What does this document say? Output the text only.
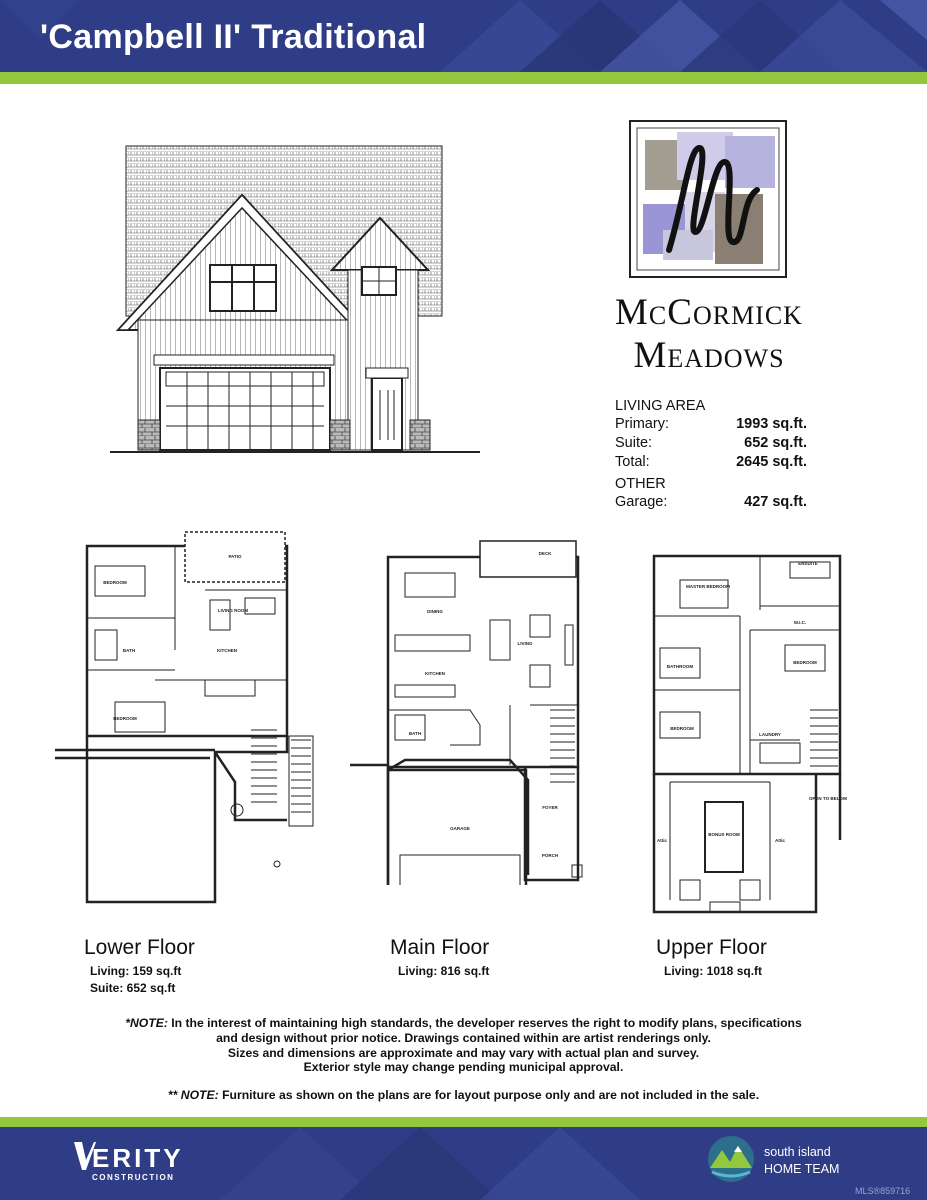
'Campbell II' Traditional
McCormick
Meadows
LIVING AREA
Primary:	1993 sq.ft.
Suite:	652 sq.ft.
Total:	2645 sq.ft.
OTHER
Garage:	427 sq.ft.
PATIO
BEDROOM
LIVING ROOM
KITCHEN
BATH
BEDROOM
DECK
DINING
LIVING
KITCHEN
BATH
FOYER
GARAGE
PORCH
ENSUITE
MASTER BEDROOM
W.I.C.
BEDROOM
BATHROOM
BEDROOM
LAUNDRY
BONUS ROOM
Attic	Attic
OPEN TO BELOW
Lower Floor
Living: 159 sq.ft
Suite: 652 sq.ft
Main Floor
Living: 816 sq.ft
Upper Floor
Living: 1018 sq.ft
*NOTE: In the interest of maintaining high standards, the developer reserves the right to modify plans, specifications
and design without prior notice. Drawings contained within are artist renderings only.
Sizes and dimensions are approximate and may vary with actual plan and survey.
Exterior style may change pending municipal approval.
** NOTE: Furniture as shown on the plans are for layout purpose only and are not included in the sale.
ERITY
CONSTRUCTION
south island
HOME TEAM
MLS®859716
